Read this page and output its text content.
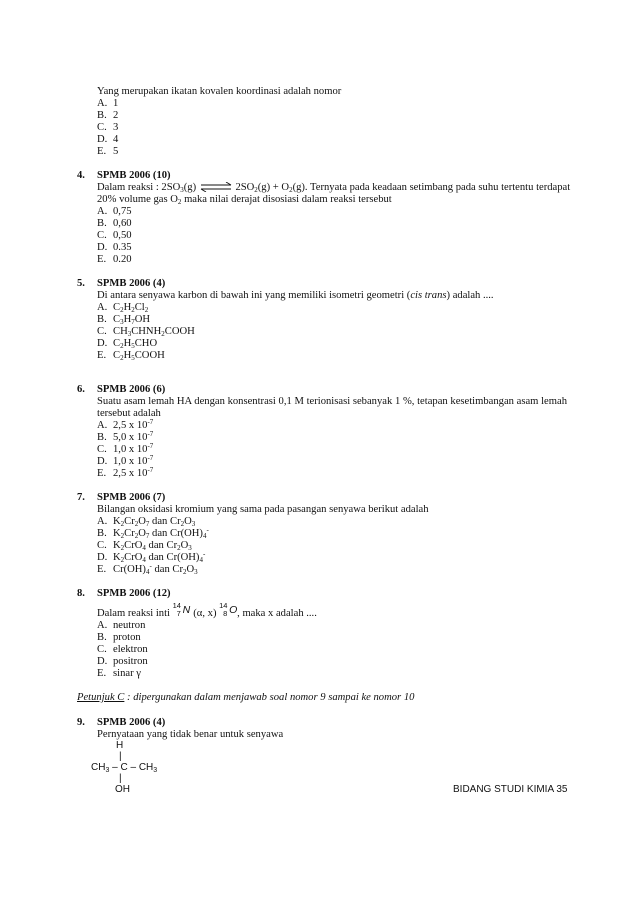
Yang merupakan ikatan kovalen koordinasi adalah nomor
A. 1
B. 2
C. 3
D. 4
E. 5
4. SPMB 2006 (10)
Dalam reaksi : $2SO_3(g)$ ⇌ $2SO_2(g) + O_2(g)$. Ternyata pada keadaan setimbang pada suhu tertentu terdapat
20% volume gas $O_2$ maka nilai derajat disosiasi dalam reaksi tersebut
A. 0,75
B. 0,60
C. 0,50
D. 0.35
E. 0.20
5. SPMB 2006 (4)
Di antara senyawa karbon di bawah ini yang memiliki isometri geometri (cis trans) adalah ....
A. $C_2H_2Cl_2$
B. $C_3H_7OH$
C. $CH_3CHNH_2COOH$
D. $C_2H_5CHO$
E. $C_2H_5COOH$
6. SPMB 2006 (6)
Suatu asam lemah HA dengan konsentrasi 0,1 M terionisasi sebanyak 1 %, tetapan kesetimbangan asam lemah tersebut adalah
A. 2,5 x $10^{-7}$
B. 5,0 x $10^{-7}$
C. 1,0 x $10^{-7}$
D. 1,0 x $10^{-7}$
E. 2,5 x $10^{-7}$
7. SPMB 2006 (7)
Bilangan oksidasi kromium yang sama pada pasangan senyawa berikut adalah
A. $K_2Cr_2O_7$ dan $Cr_2O_3$
B. $K_2Cr_2O_7$ dan $Cr(OH)_4^-$
C. $K_2CrO_4$ dan $Cr_2O_3$
D. $K_2CrO_4$ dan $Cr(OH)_4^-$
E. $Cr(OH)_4^-$ dan $Cr_2O_3$
8. SPMB 2006 (12)
Dalam reaksi inti
14
7 N (α, x)
14
8 O , maka x adalah ....
A. neutron
B. proton
C. elektron
D. positron
E. sinar γ
Petunjuk C : dipergunakan dalam menjawab soal nomor 9 sampai ke nomor 10
9. SPMB 2006 (4)
Pernyataan yang tidak benar untuk senyawa
H
|
$CH_3$ – C – $CH_3$
|
OH	BIDANG STUDI KIMIA 35
